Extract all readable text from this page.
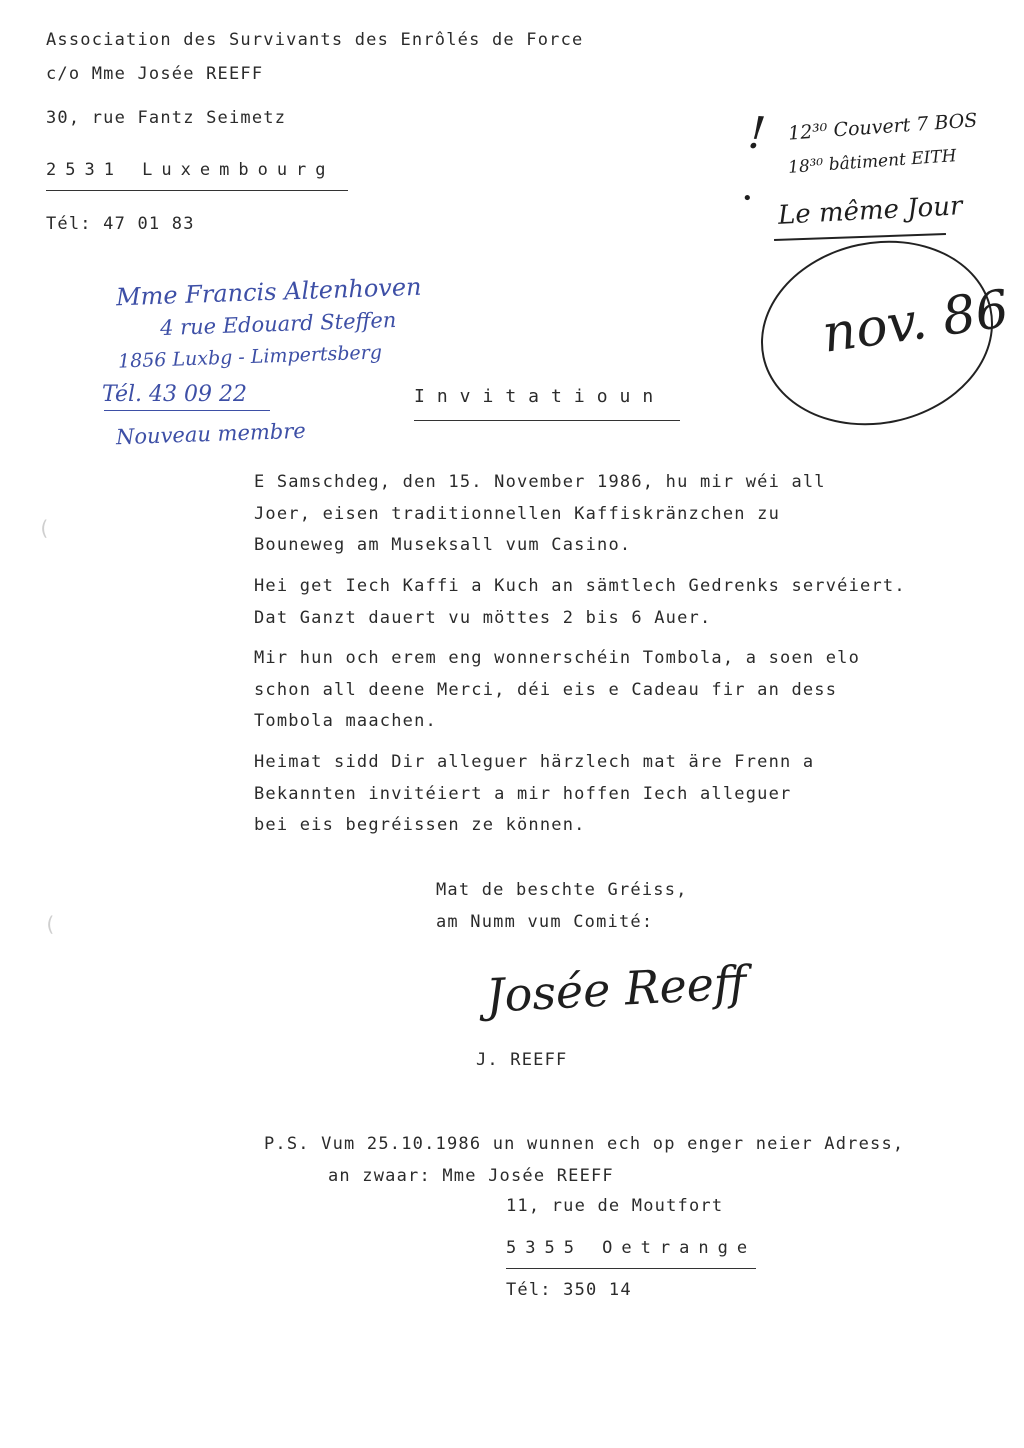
Association des Survivants des Enrôlés de Force
c/o Mme Josée REEFF
30, rue Fantz Seimetz
2531 Luxembourg
Tél: 47 01 83
! 12³⁰ Couvert 7 BOS
18³⁰ bâtiment EITH
• Le même Jour
nov. 86
Mme Francis Altenhoven
4 rue Edouard Steffen
1856 Luxbg - Limpertsberg
Tél. 43 09 22
Nouveau membre
Invitatioun
E Samschdeg, den 15. November 1986, hu mir wéi all
Joer, eisen traditionnellen Kaffiskränzchen zu
Bouneweg am Museksall vum Casino.
Hei get Iech Kaffi a Kuch an sämtlech Gedrenks servéiert.
Dat Ganzt dauert vu möttes 2 bis 6 Auer.
Mir hun och erem eng wonnerschéin Tombola, a soen elo
schon all deene Merci, déi eis e Cadeau fir an dess
Tombola maachen.
Heimat sidd Dir alleguer härzlech mat äre Frenn a
Bekannten invitéiert a mir hoffen Iech alleguer
bei eis begréissen ze können.
Mat de beschte Gréiss,
am Numm vum Comité:
Josée Reeff
J. REEFF
P.S. Vum 25.10.1986 un wunnen ech op enger neier Adress,
an zwaar: Mme Josée REEFF
11, rue de Moutfort
5355 Oetrange
Tél: 350 14
(
(
